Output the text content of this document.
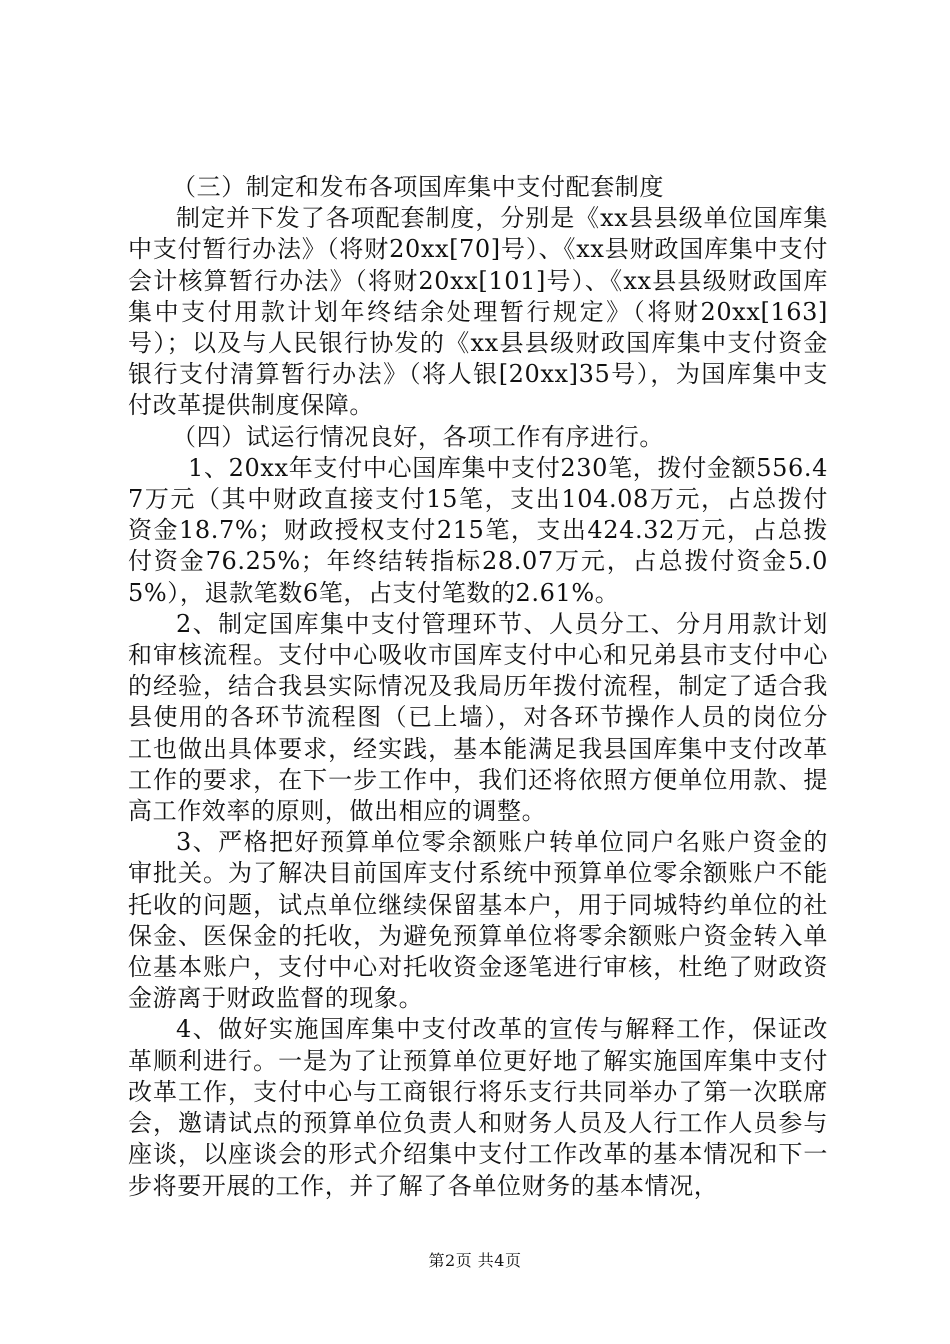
（三）制定和发布各项国库集中支付配套制度

制定并下发了各项配套制度，分别是《xx县县级单位国库集中支付暂行办法》（将财20xx[70]号）、《xx县财政国库集中支付会计核算暂行办法》（将财20xx[101]号）、《xx县县级财政国库集中支付用款计划年终结余处理暂行规定》（将财20xx[163]号）；以及与人民银行协发的《xx县县级财政国库集中支付资金银行支付清算暂行办法》（将人银[20xx]35号），为国库集中支付改革提供制度保障。

（四）试运行情况良好，各项工作有序进行。

1、20xx年支付中心国库集中支付230笔，拨付金额556.47万元（其中财政直接支付15笔，支出104.08万元，占总拨付资金18.7%；财政授权支付215笔，支出424.32万元，占总拨付资金76.25%；年终结转指标28.07万元，占总拨付资金5.05%），退款笔数6笔，占支付笔数的2.61%。

2、制定国库集中支付管理环节、人员分工、分月用款计划和审核流程。支付中心吸收市国库支付中心和兄弟县市支付中心的经验，结合我县实际情况及我局历年拨付流程，制定了适合我县使用的各环节流程图（已上墙），对各环节操作人员的岗位分工也做出具体要求，经实践，基本能满足我县国库集中支付改革工作的要求，在下一步工作中，我们还将依照方便单位用款、提高工作效率的原则，做出相应的调整。

3、严格把好预算单位零余额账户转单位同户名账户资金的审批关。为了解决目前国库支付系统中预算单位零余额账户不能托收的问题，试点单位继续保留基本户，用于同城特约单位的社保金、医保金的托收，为避免预算单位将零余额账户资金转入单位基本账户，支付中心对托收资金逐笔进行审核，杜绝了财政资金游离于财政监督的现象。

4、做好实施国库集中支付改革的宣传与解释工作，保证改革顺利进行。一是为了让预算单位更好地了解实施国库集中支付改革工作，支付中心与工商银行将乐支行共同举办了第一次联席会，邀请试点的预算单位负责人和财务人员及人行工作人员参与座谈，以座谈会的形式介绍集中支付工作改革的基本情况和下一步将要开展的工作，并了解了各单位财务的基本情况，

第2页 共4页
